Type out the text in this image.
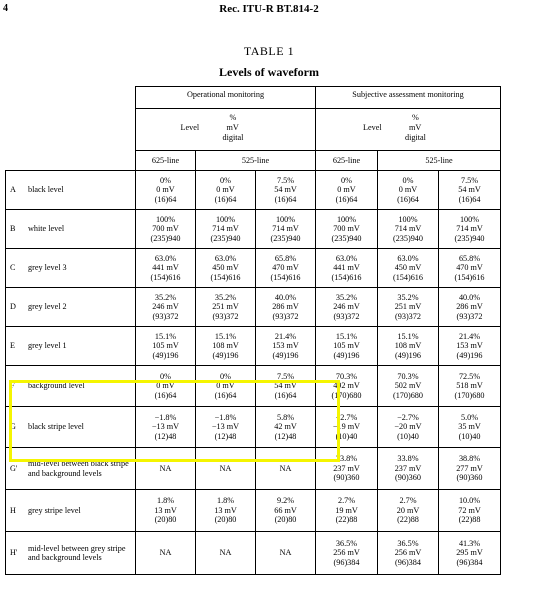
4	Rec. ITU-R BT.814-2
TABLE 1
Levels of waveform
	Operational monitoring			Subjective assessment monitoring		

	%
Level mV
digital			%
Level mV
digital		

	625-line	525-line		625-line	525-line	

A black level	0%
0 mV
(16)64	0%
0 mV
(16)64	7.5%
54 mV
(16)64	0%
0 mV
(16)64	0%
0 mV
(16)64	7.5%
54 mV
(16)64

B white level	100%
700 mV
(235)940	100%
714 mV
(235)940	100%
714 mV
(235)940	100%
700 mV
(235)940	100%
714 mV
(235)940	100%
714 mV
(235)940

C grey level 3	63.0%
441 mV
(154)616	63.0%
450 mV
(154)616	65.8%
470 mV
(154)616	63.0%
441 mV
(154)616	63.0%
450 mV
(154)616	65.8%
470 mV
(154)616

D grey level 2	35.2%
246 mV
(93)372	35.2%
251 mV
(93)372	40.0%
286 mV
(93)372	35.2%
246 mV
(93)372	35.2%
251 mV
(93)372	40.0%
286 mV
(93)372

E grey level 1	15.1%
105 mV
(49)196	15.1%
108 mV
(49)196	21.4%
153 mV
(49)196	15.1%
105 mV
(49)196	15.1%
108 mV
(49)196	21.4%
153 mV
(49)196

F background level	0%
0 mV
(16)64	0%
0 mV
(16)64	7.5%
54 mV
(16)64	70.3%
492 mV
(170)680	70.3%
502 mV
(170)680	72.5%
518 mV
(170)680

G black stripe level	−1.8%
−13 mV
(12)48	−1.8%
−13 mV
(12)48	5.8%
42 mV
(12)48	−2.7%
−19 mV
(10)40	−2.7%
−20 mV
(10)40	5.0%
35 mV
(10)40

G'
mid-level between black stripe and background levels	NA	NA	NA	33.8%
237 mV
(90)360	33.8%
237 mV
(90)360	38.8%
277 mV
(90)360

H grey stripe level	1.8%
13 mV
(20)80	1.8%
13 mV
(20)80	9.2%
66 mV
(20)80	2.7%
19 mV
(22)88	2.7%
20 mV
(22)88	10.0%
72 mV
(22)88

H'
mid-level between grey stripe and background levels	NA	NA	NA	36.5%
256 mV
(96)384	36.5%
256 mV
(96)384	41.3%
295 mV
(96)384
